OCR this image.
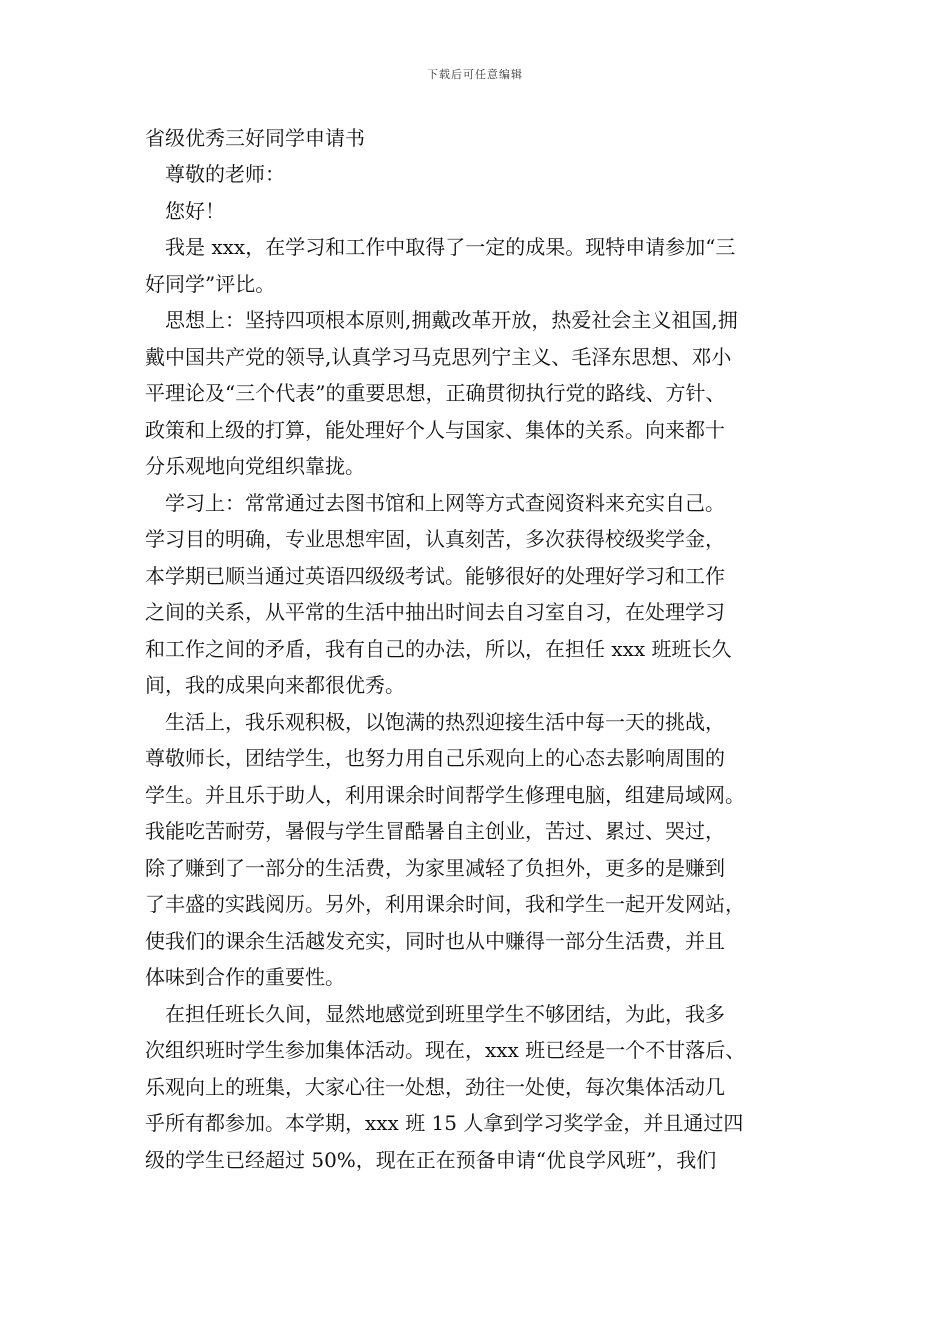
下载后可任意编辑
省级优秀三好同学申请书

尊敬的老师：

您好！

我是 xxx，在学习和工作中取得了一定的成果。现特申请参加“三
好同学”评比。

思想上：坚持四项根本原则,拥戴改革开放，热爱社会主义祖国,拥
戴中国共产党的领导,认真学习马克思列宁主义、毛泽东思想、邓小
平理论及“三个代表”的重要思想，正确贯彻执行党的路线、方针、
政策和上级的打算，能处理好个人与国家、集体的关系。向来都十
分乐观地向党组织靠拢。

学习上：常常通过去图书馆和上网等方式查阅资料来充实自己。
学习目的明确，专业思想牢固，认真刻苦，多次获得校级奖学金，
本学期已顺当通过英语四级级考试。能够很好的处理好学习和工作
之间的关系，从平常的生活中抽出时间去自习室自习，在处理学习
和工作之间的矛盾，我有自己的办法，所以，在担任 xxx 班班长久
间，我的成果向来都很优秀。

生活上，我乐观积极，以饱满的热烈迎接生活中每一天的挑战，
尊敬师长，团结学生，也努力用自己乐观向上的心态去影响周围的
学生。并且乐于助人，利用课余时间帮学生修理电脑，组建局域网。
我能吃苦耐劳，暑假与学生冒酷暑自主创业，苦过、累过、哭过，
除了赚到了一部分的生活费，为家里减轻了负担外，更多的是赚到
了丰盛的实践阅历。另外，利用课余时间，我和学生一起开发网站，
使我们的课余生活越发充实，同时也从中赚得一部分生活费，并且
体味到合作的重要性。

在担任班长久间，显然地感觉到班里学生不够团结，为此，我多
次组织班时学生参加集体活动。现在，xxx 班已经是一个不甘落后、
乐观向上的班集，大家心往一处想，劲往一处使，每次集体活动几
乎所有都参加。本学期，xxx 班 15 人拿到学习奖学金，并且通过四
级的学生已经超过 50%，现在正在预备申请“优良学风班”，我们
